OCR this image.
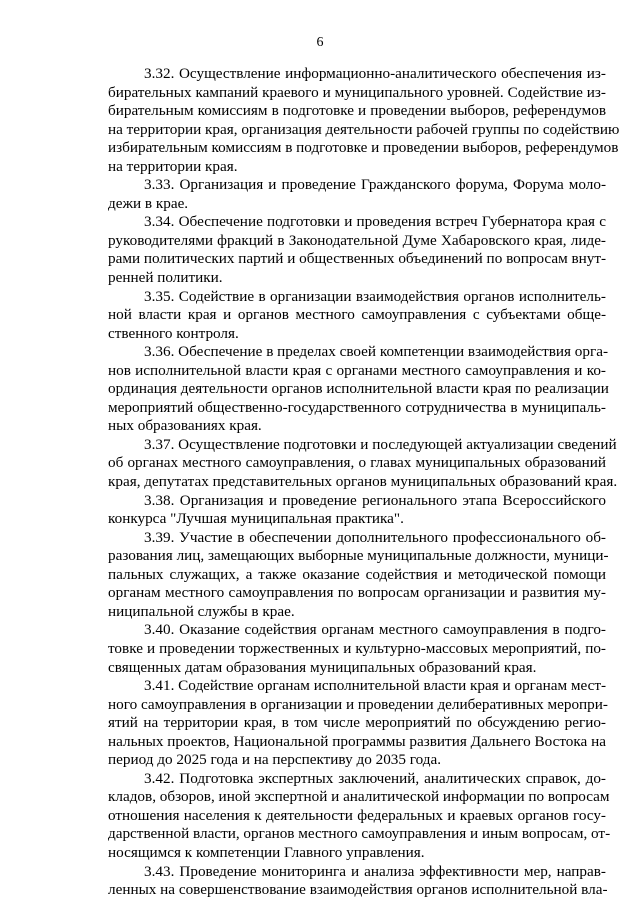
6
3.32. Осуществление информационно-аналитического обеспечения из-
бирательных кампаний краевого и муниципального уровней. Содействие из-
бирательным комиссиям в подготовке и проведении выборов, референдумов
на территории края, организация деятельности рабочей группы по содействию
избирательным комиссиям в подготовке и проведении выборов, референдумов
на территории края.
3.33. Организация и проведение Гражданского форума, Форума моло-
дежи в крае.
3.34. Обеспечение подготовки и проведения встреч Губернатора края с
руководителями фракций в Законодательной Думе Хабаровского края, лиде-
рами политических партий и общественных объединений по вопросам внут-
ренней политики.
3.35. Содействие в организации взаимодействия органов исполнитель-
ной власти края и органов местного самоуправления с субъектами обще-
ственного контроля.
3.36. Обеспечение в пределах своей компетенции взаимодействия орга-
нов исполнительной власти края с органами местного самоуправления и ко-
ординация деятельности органов исполнительной власти края по реализации
мероприятий общественно-государственного сотрудничества в муниципаль-
ных образованиях края.
3.37. Осуществление подготовки и последующей актуализации сведений
об органах местного самоуправления, о главах муниципальных образований
края, депутатах представительных органов муниципальных образований края.
3.38. Организация и проведение регионального этапа Всероссийского
конкурса "Лучшая муниципальная практика".
3.39. Участие в обеспечении дополнительного профессионального об-
разования лиц, замещающих выборные муниципальные должности, муници-
пальных служащих, а также оказание содействия и методической помощи
органам местного самоуправления по вопросам организации и развития му-
ниципальной службы в крае.
3.40. Оказание содействия органам местного самоуправления в подго-
товке и проведении торжественных и культурно-массовых мероприятий, по-
священных датам образования муниципальных образований края.
3.41. Содействие органам исполнительной власти края и органам мест-
ного самоуправления в организации и проведении делиберативных меропри-
ятий на территории края, в том числе мероприятий по обсуждению регио-
нальных проектов, Национальной программы развития Дальнего Востока на
период до 2025 года и на перспективу до 2035 года.
3.42. Подготовка экспертных заключений, аналитических справок, до-
кладов, обзоров, иной экспертной и аналитической информации по вопросам
отношения населения к деятельности федеральных и краевых органов госу-
дарственной власти, органов местного самоуправления и иным вопросам, от-
носящимся к компетенции Главного управления.
3.43. Проведение мониторинга и анализа эффективности мер, направ-
ленных на совершенствование взаимодействия органов исполнительной вла-
